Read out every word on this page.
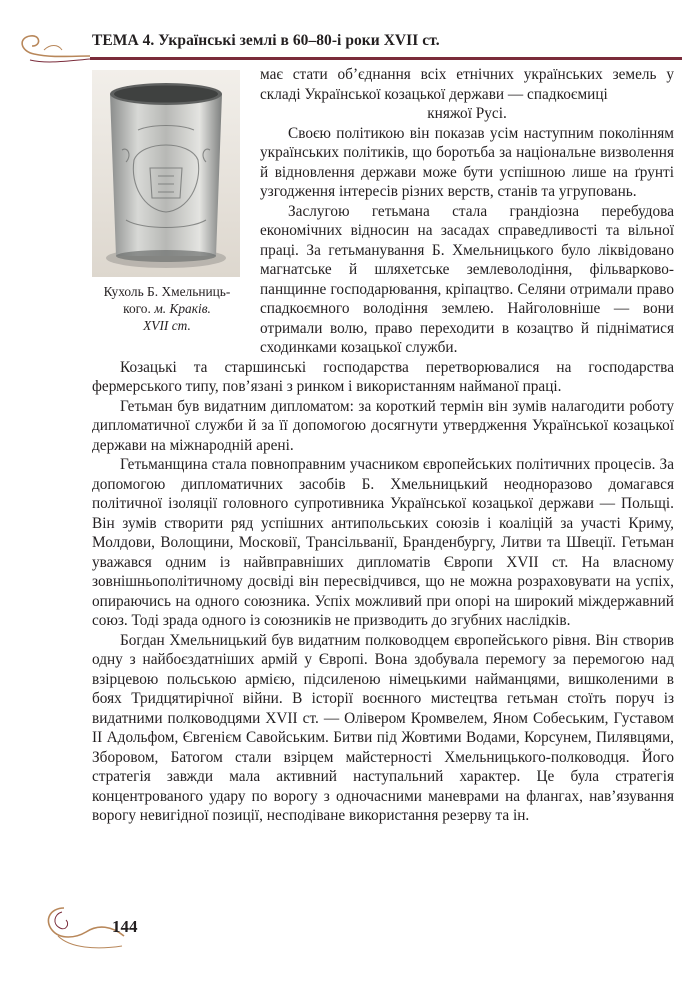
ТЕМА 4. Українські землі в 60–80-і роки XVII ст.
Кухоль Б. Хмельниць-
кого. м. Краків.
XVII ст.

має стати об’єднання всіх етнічних українських земель у складі Української козацької держави — спадкоємиці

княжої Русі.

Своєю політикою він показав усім наступним поколінням українських політиків, що боротьба за національне визволення й відновлення держави може бути успішною лише на ґрунті узгодження інтересів різних верств, станів та угруповань.

Заслугою гетьмана стала грандіозна перебудова економічних відносин на засадах справедливості та вільної праці. За гетьманування Б. Хмельницького було ліквідовано магнатське й шляхетське землеволодіння, фільварково-панщинне господарювання, кріпацтво. Селяни отримали право спадкоємного володіння землею. Найголовніше — вони отримали волю, право переходити в козацтво й підніматися сходинками козацької служби.

Козацькі та старшинські господарства перетворювалися на господарства фермерського типу, пов’язані з ринком і використанням найманої праці.

Гетьман був видатним дипломатом: за короткий термін він зумів налагодити роботу дипломатичної служби й за її допомогою досягнути утвердження Української козацької держави на міжнародній арені.

Гетьманщина стала повноправним учасником європейських політичних процесів. За допомогою дипломатичних засобів Б. Хмельницький неодноразово домагався політичної ізоляції головного супротивника Української козацької держави — Польщі. Він зумів створити ряд успішних антипольських союзів і коаліцій за участі Криму, Молдови, Волощини, Московії, Трансільванії, Бранденбургу, Литви та Швеції. Гетьман уважався одним із найвправніших дипломатів Європи XVII ст. На власному зовнішньополітичному досвіді він пересвідчився, що не можна розраховувати на успіх, опираючись на одного союзника. Успіх можливий при опорі на широкий міждержавний союз. Тоді зрада одного із союзників не призводить до згубних наслідків.

Богдан Хмельницький був видатним полководцем європейського рівня. Він створив одну з найбоєздатніших армій у Європі. Вона здобувала перемогу за перемогою над взірцевою польською армією, підсиленою німецькими найманцями, вишколеними в боях Тридцятирічної війни. В історії воєнного мистецтва гетьман стоїть поруч із видатними полководцями XVII ст. — Олівером Кромвелем, Яном Собеським, Густавом II Адольфом, Євгенієм Савойським. Битви під Жовтими Водами, Корсунем, Пилявцями, Зборовом, Батогом стали взірцем майстерності Хмельницького-полководця. Його стратегія завжди мала активний наступальний характер. Це була стратегія концентрованого удару по ворогу з одночасними маневрами на флангах, нав’язування ворогу невигідної позиції, несподіване використання резерву та ін.

144
